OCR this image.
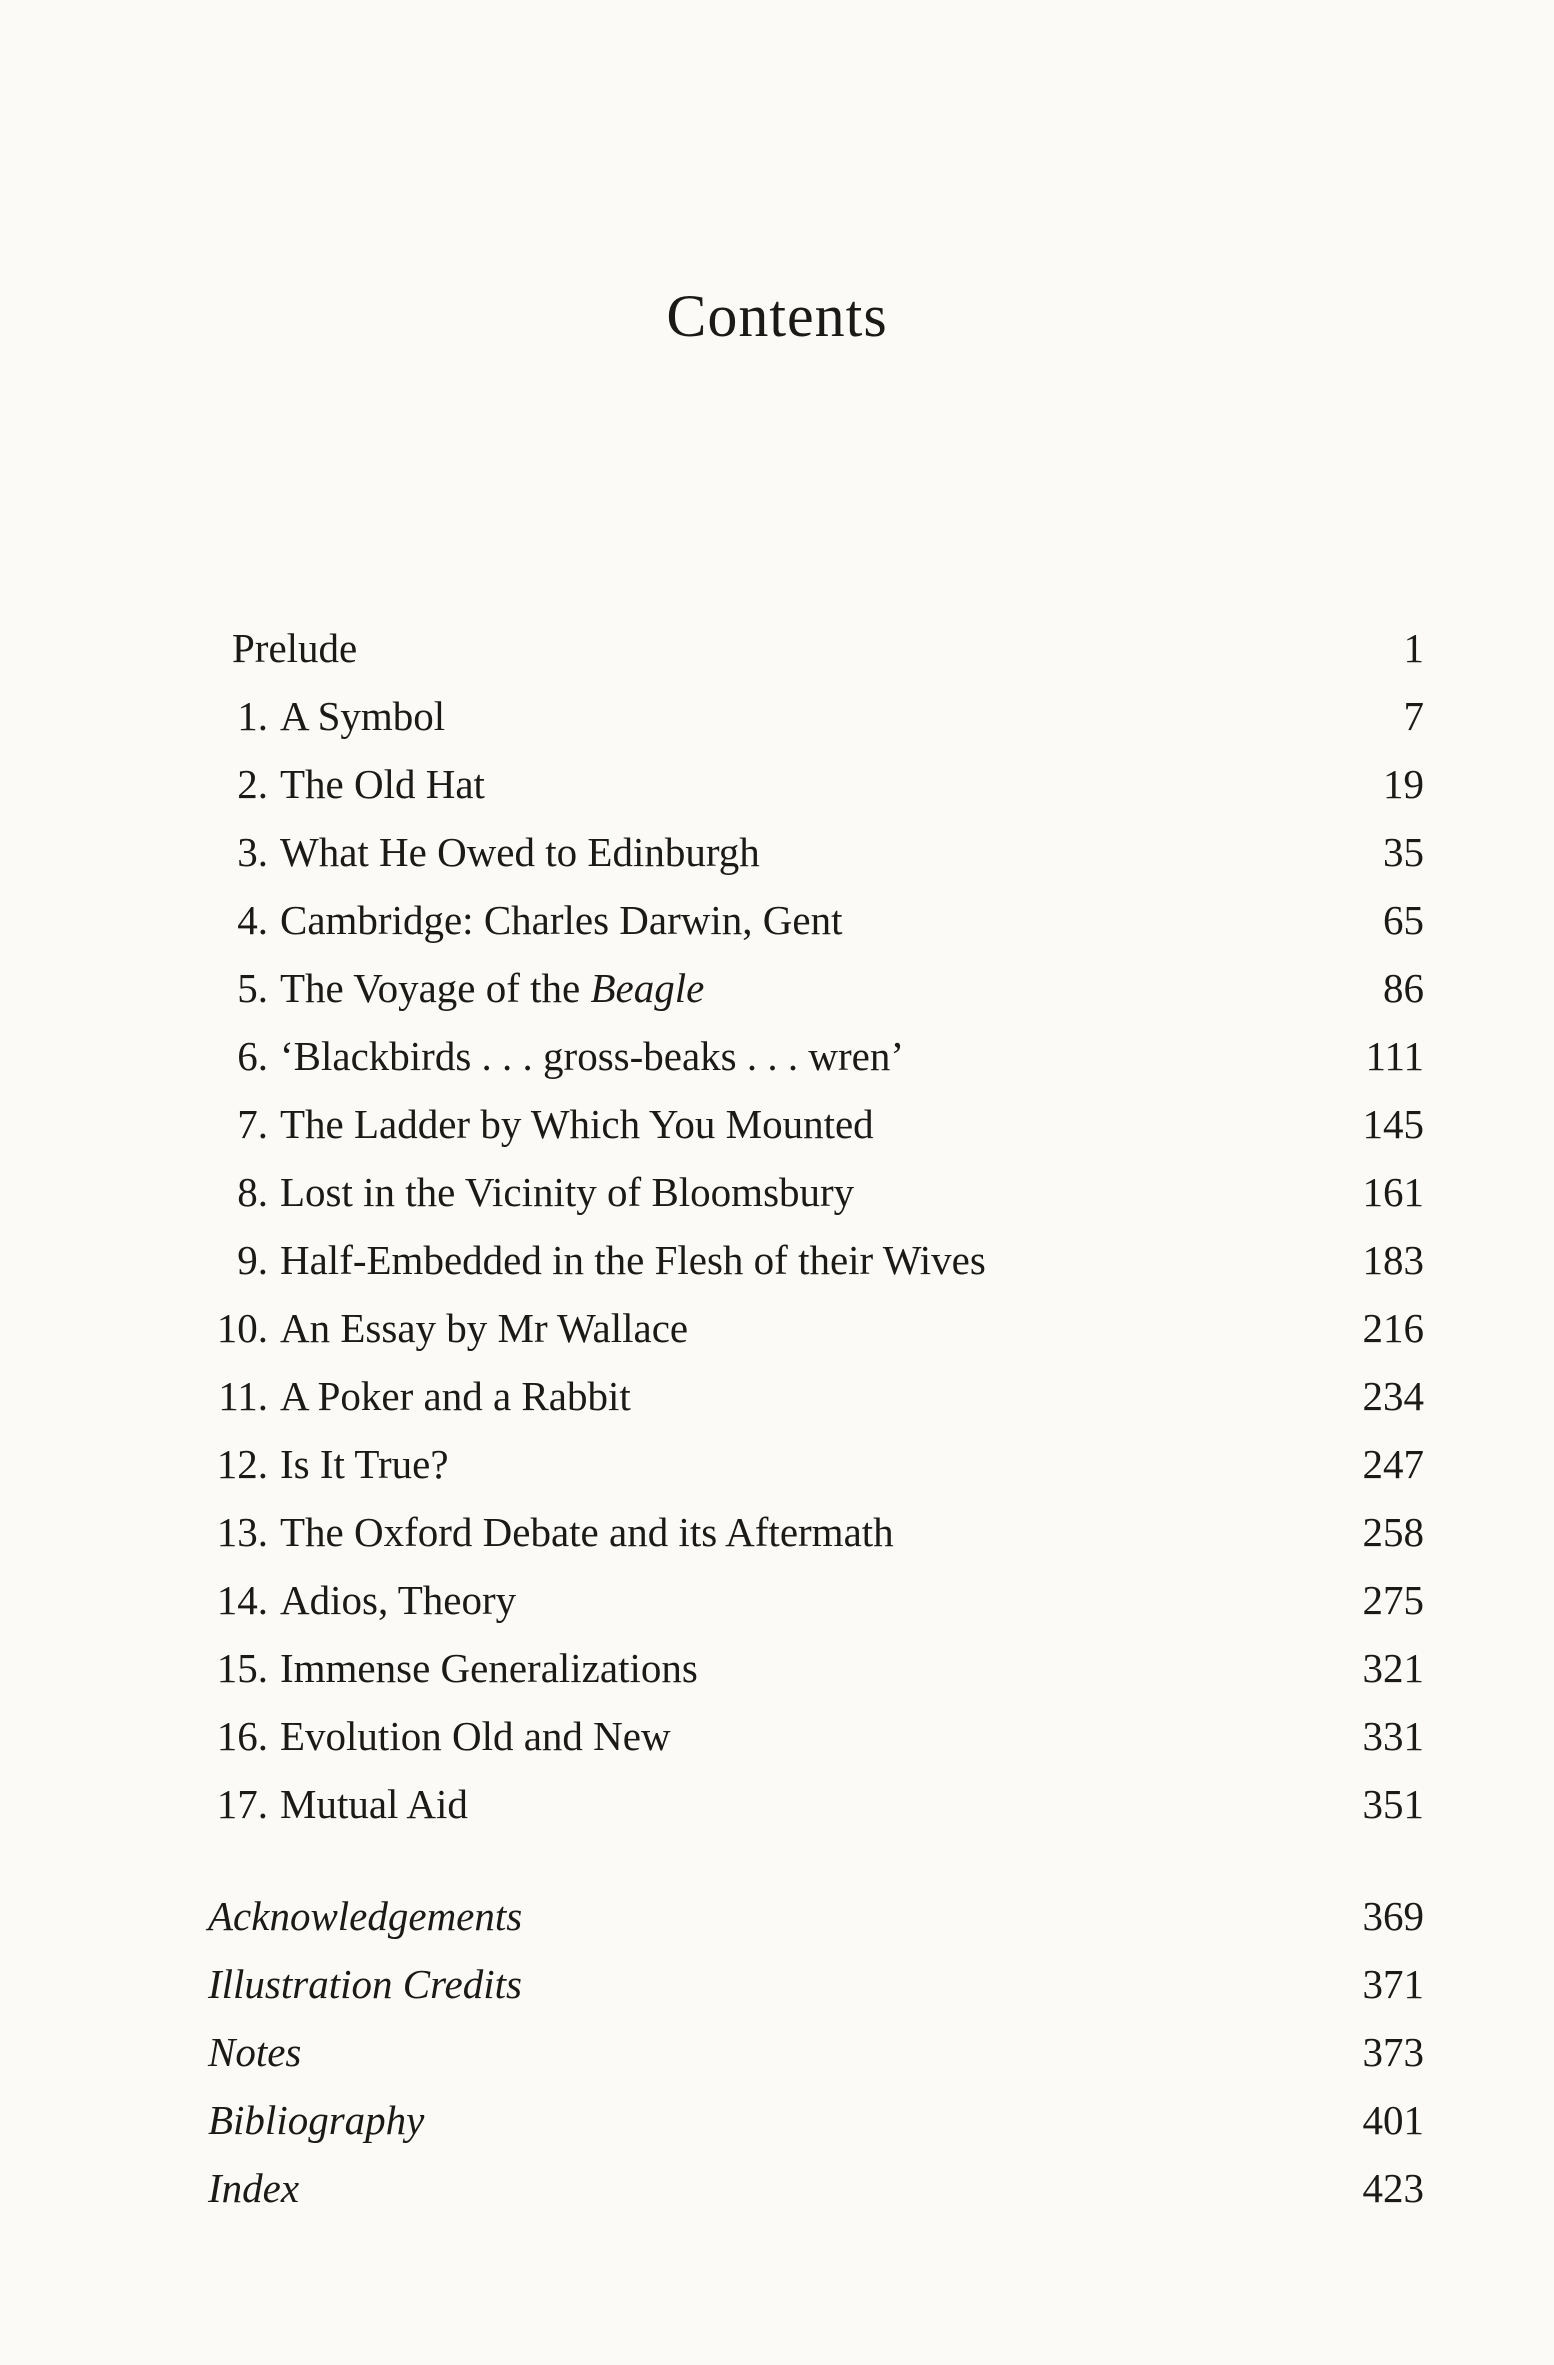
Contents
Prelude	1
1. A Symbol	7
2. The Old Hat	19
3. What He Owed to Edinburgh	35
4. Cambridge: Charles Darwin, Gent	65
5. The Voyage of the Beagle	86
6. ‘Blackbirds . . . gross-beaks . . . wren’	111
7. The Ladder by Which You Mounted	145
8. Lost in the Vicinity of Bloomsbury	161
9. Half-Embedded in the Flesh of their Wives	183
10. An Essay by Mr Wallace	216
11. A Poker and a Rabbit	234
12. Is It True?	247
13. The Oxford Debate and its Aftermath	258
14. Adios, Theory	275
15. Immense Generalizations	321
16. Evolution Old and New	331
17. Mutual Aid	351
Acknowledgements	369
Illustration Credits	371
Notes	373
Bibliography	401
Index	423
